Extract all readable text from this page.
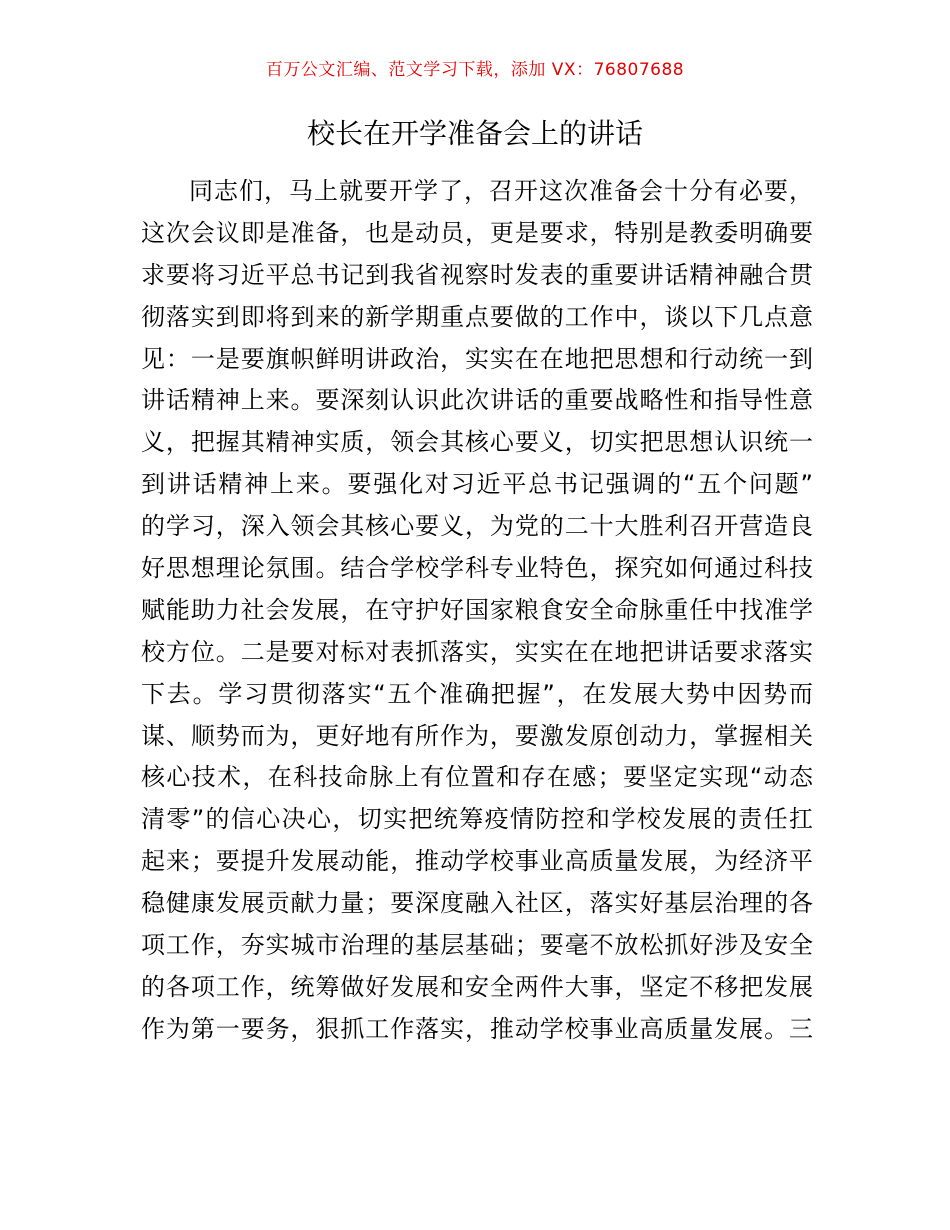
百万公文汇编、范文学习下载，添加 VX：76807688
校长在开学准备会上的讲话
同志们，马上就要开学了，召开这次准备会十分有必要，
这次会议即是准备，也是动员，更是要求，特别是教委明确要
求要将习近平总书记到我省视察时发表的重要讲话精神融合贯
彻落实到即将到来的新学期重点要做的工作中，谈以下几点意
见：一是要旗帜鲜明讲政治，实实在在地把思想和行动统一到
讲话精神上来。要深刻认识此次讲话的重要战略性和指导性意
义，把握其精神实质，领会其核心要义，切实把思想认识统一
到讲话精神上来。要强化对习近平总书记强调的“五个问题”
的学习，深入领会其核心要义，为党的二十大胜利召开营造良
好思想理论氛围。结合学校学科专业特色，探究如何通过科技
赋能助力社会发展，在守护好国家粮食安全命脉重任中找准学
校方位。二是要对标对表抓落实，实实在在地把讲话要求落实
下去。学习贯彻落实“五个准确把握”，在发展大势中因势而
谋、顺势而为，更好地有所作为，要激发原创动力，掌握相关
核心技术，在科技命脉上有位置和存在感；要坚定实现“动态
清零”的信心决心，切实把统筹疫情防控和学校发展的责任扛
起来；要提升发展动能，推动学校事业高质量发展，为经济平
稳健康发展贡献力量；要深度融入社区，落实好基层治理的各
项工作，夯实城市治理的基层基础；要毫不放松抓好涉及安全
的各项工作，统筹做好发展和安全两件大事，坚定不移把发展
作为第一要务，狠抓工作落实，推动学校事业高质量发展。三
